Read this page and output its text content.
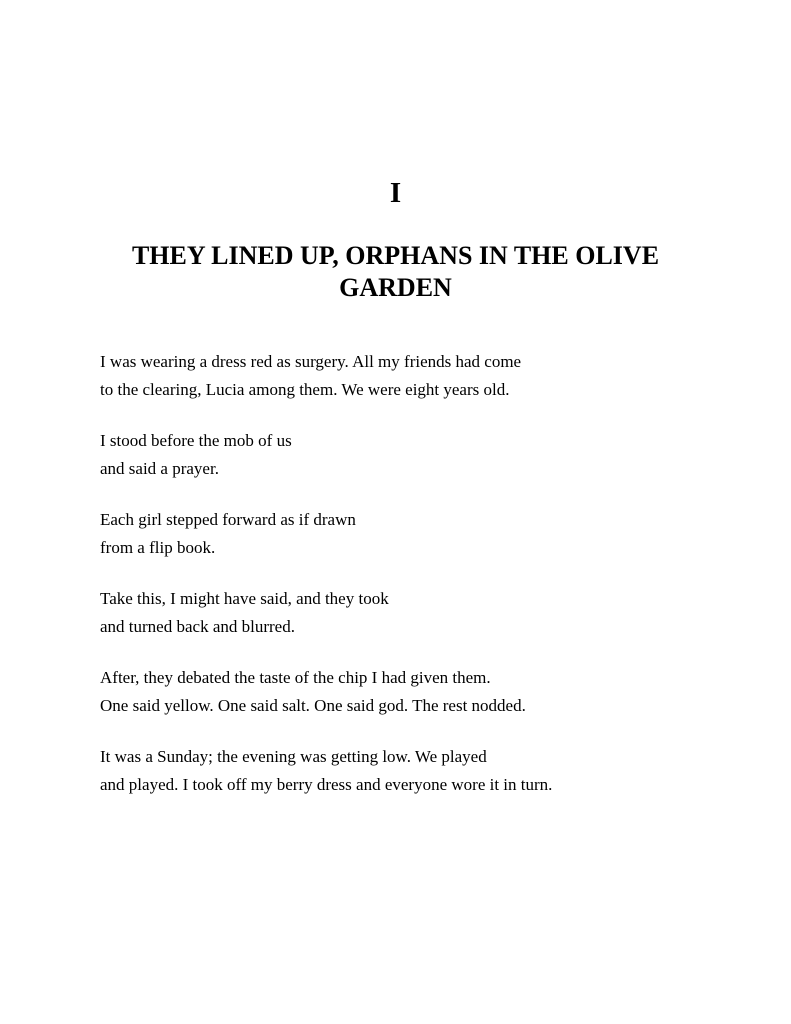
I
THEY LINED UP, ORPHANS IN THE OLIVE
GARDEN

I was wearing a dress red as surgery. All my friends had come
to the clearing, Lucia among them. We were eight years old.

I stood before the mob of us
and said a prayer.

Each girl stepped forward as if drawn
from a flip book.

Take this, I might have said, and they took
and turned back and blurred.

After, they debated the taste of the chip I had given them.
One said yellow. One said salt. One said god. The rest nodded.

It was a Sunday; the evening was getting low. We played
and played. I took off my berry dress and everyone wore it in turn.
